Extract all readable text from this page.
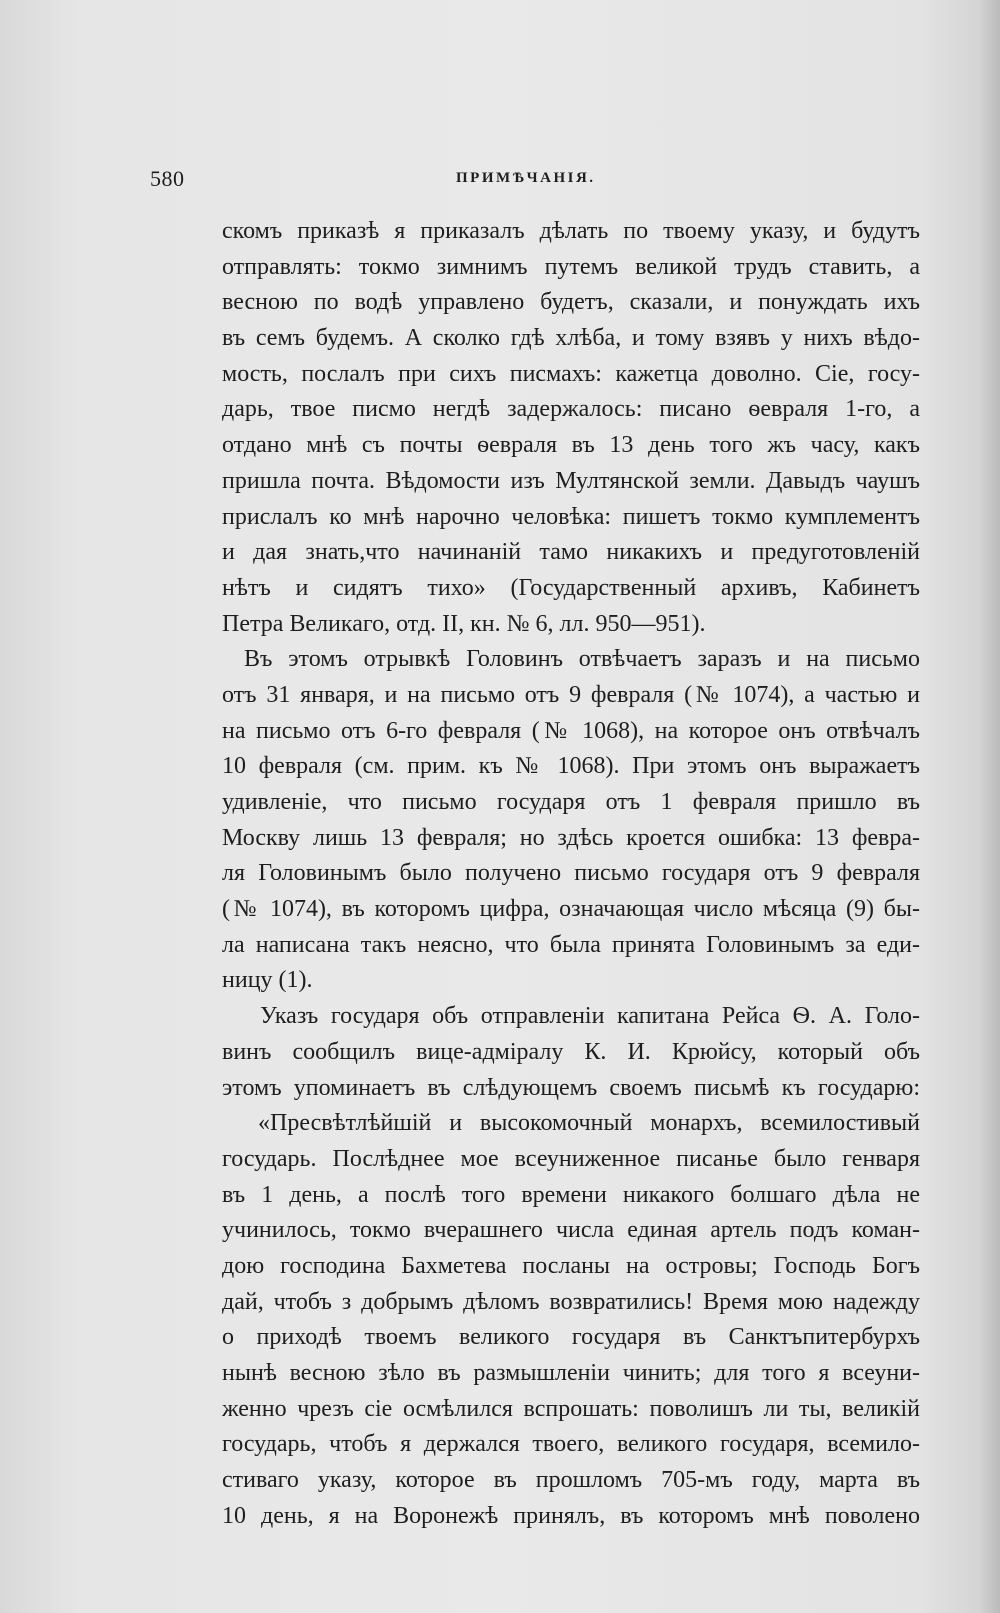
580	ПРИМѢЧАНІЯ.
скомъ приказѣ я приказалъ дѣлать по твоему указу, и будутъ
отправлять: токмо зимнимъ путемъ великой трудъ ставить, а
весною по водѣ управлено будетъ, сказали, и понуждать ихъ
въ семъ будемъ. А сколко гдѣ хлѣба, и тому взявъ у нихъ вѣдо-
мость, послалъ при сихъ писмахъ: кажетца доволно. Сіе, госу-
дарь, твое писмо негдѣ задержалось: писано ѳевраля 1-го, а
отдано мнѣ съ почты ѳевраля въ 13 день того жъ часу, какъ
пришла почта. Вѣдомости изъ Мултянской земли. Давыдъ чаушъ
прислалъ ко мнѣ нарочно человѣка: пишетъ токмо кумплементъ
и дая знать,что начинаній тамо никакихъ и предуготовленій
нѣтъ и сидятъ тихо» (Государственный архивъ, Кабинетъ
Петра Великаго, отд. II, кн. № 6, лл. 950—951).
Въ этомъ отрывкѣ Головинъ отвѣчаетъ заразъ и на письмо
отъ 31 января, и на письмо отъ 9 февраля (№ 1074), а частью и
на письмо отъ 6-го февраля (№ 1068), на которое онъ отвѣчалъ
10 февраля (см. прим. къ № 1068). При этомъ онъ выражаетъ
удивленіе, что письмо государя отъ 1 февраля пришло въ
Москву лишь 13 февраля; но здѣсь кроется ошибка: 13 февра-
ля Головинымъ было получено письмо государя отъ 9 февраля
(№ 1074), въ которомъ цифра, означающая число мѣсяца (9) бы-
ла написана такъ неясно, что была принята Головинымъ за еди-
ницу (1).
Указъ государя объ отправленіи капитана Рейса Ѳ. А. Голо-
винъ сообщилъ вице-адміралу К. И. Крюйсу, который объ
этомъ упоминаетъ въ слѣдующемъ своемъ письмѣ къ государю:
«Пресвѣтлѣйшій и высокомочный монархъ, всемилостивый
государь. Послѣднее мое всеуниженное писанье было генваря
въ 1 день, а послѣ того времени никакого болшаго дѣла не
учинилось, токмо вчерашнего числа единая артель подъ коман-
дою господина Бахметева посланы на островы; Господь Богъ
дай, чтобъ з добрымъ дѣломъ возвратились! Время мою надежду
о приходѣ твоемъ великого государя въ Санктъпитербурхъ
нынѣ весною зѣло въ размышленіи чинить; для того я всеуни-
женно чрезъ сіе осмѣлился вспрошать: поволишъ ли ты, великій
государь, чтобъ я держался твоего, великого государя, всемило-
стиваго указу, которое въ прошломъ 705-мъ году, марта въ
10 день, я на Воронежѣ принялъ, въ которомъ мнѣ поволено
